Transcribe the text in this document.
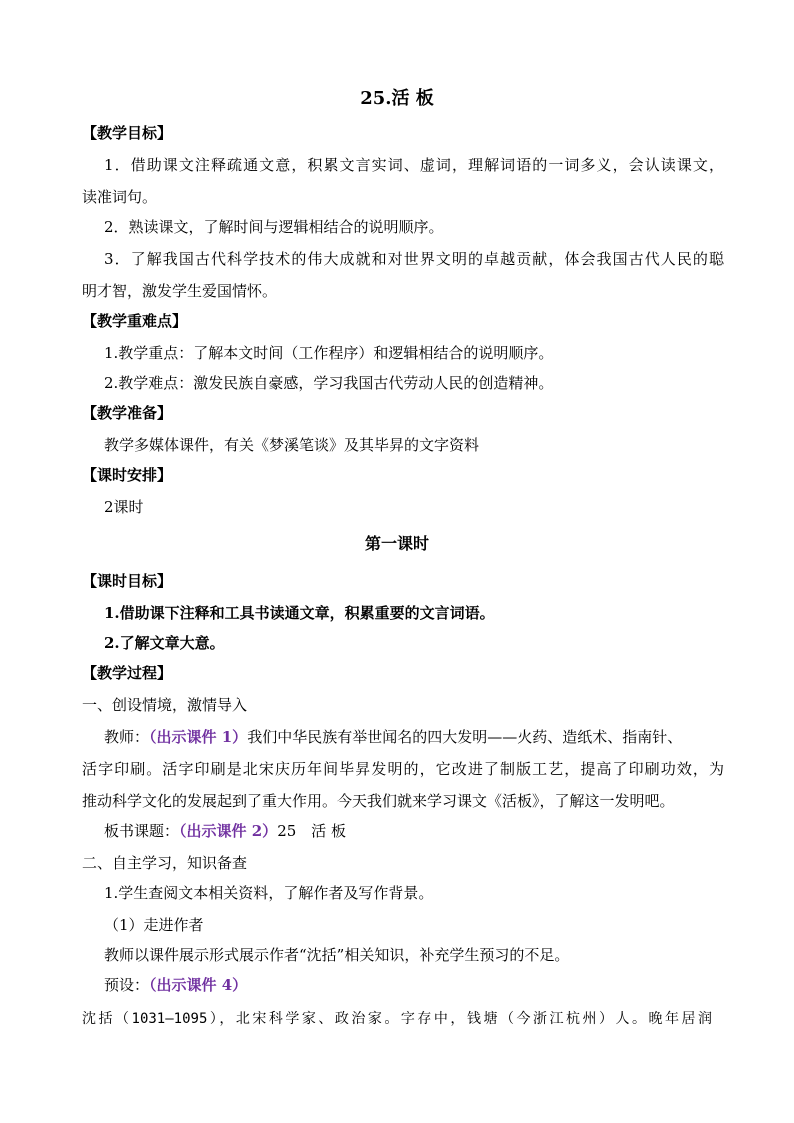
25.活 板
【教学目标】
1．借助课文注释疏通文意，积累文言实词、虚词，理解词语的一词多义，会认读课文，
读准词句。
2．熟读课文，了解时间与逻辑相结合的说明顺序。
3．了解我国古代科学技术的伟大成就和对世界文明的卓越贡献，体会我国古代人民的聪
明才智，激发学生爱国情怀。
【教学重难点】
1.教学重点：了解本文时间（工作程序）和逻辑相结合的说明顺序。
2.教学难点：激发民族自豪感，学习我国古代劳动人民的创造精神。
【教学准备】
教学多媒体课件，有关《梦溪笔谈》及其毕昇的文字资料
【课时安排】
2课时
第一课时
【课时目标】
1.借助课下注释和工具书读通文章，积累重要的文言词语。
2.了解文章大意。
【教学过程】
一、创设情境，激情导入
教师：（出示课件 1）我们中华民族有举世闻名的四大发明——火药、造纸术、指南针、
活字印刷。活字印刷是北宋庆历年间毕昇发明的，它改进了制版工艺，提高了印刷功效，为
推动科学文化的发展起到了重大作用。今天我们就来学习课文《活板》，了解这一发明吧。
板书课题：（出示课件 2）25　活 板
二、自主学习，知识备查
1.学生查阅文本相关资料，了解作者及写作背景。
（1）走进作者
教师以课件展示形式展示作者“沈括”相关知识，补充学生预习的不足。
预设：（出示课件 4）
沈括（1031—1095），北宋科学家、政治家。字存中，钱塘（今浙江杭州）人。晚年居润
